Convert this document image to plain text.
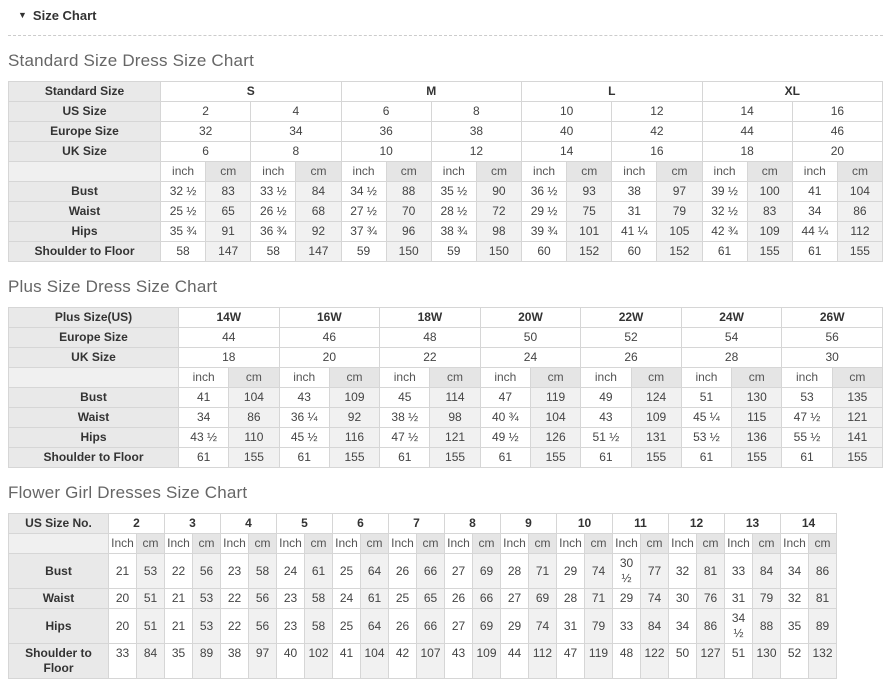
▼ Size Chart
Standard Size Dress Size Chart
Standard Size	S				M				L				XL			
US Size	2		4		6		8		10		12		14		16	
Europe Size	32		34		36		38		40		42		44		46	
UK Size	6		8		10		12		14		16		18		20	
	inch	cm	inch	cm	inch	cm	inch	cm	inch	cm	inch	cm	inch	cm	inch	cm
Bust	32 ½	83	33 ½	84	34 ½	88	35 ½	90	36 ½	93	38	97	39 ½	100	41	104
Waist	25 ½	65	26 ½	68	27 ½	70	28 ½	72	29 ½	75	31	79	32 ½	83	34	86
Hips	35 ¾	91	36 ¾	92	37 ¾	96	38 ¾	98	39 ¾	101	41 ¼	105	42 ¾	109	44 ¼	112
Shoulder to Floor	58	147	58	147	59	150	59	150	60	152	60	152	61	155	61	155
Plus Size Dress Size Chart
Plus Size(US)	14W		16W		18W		20W		22W		24W		26W	
Europe Size	44		46		48		50		52		54		56	
UK Size	18		20		22		24		26		28		30	
	inch	cm	inch	cm	inch	cm	inch	cm	inch	cm	inch	cm	inch	cm
Bust	41	104	43	109	45	114	47	119	49	124	51	130	53	135
Waist	34	86	36 ¼	92	38 ½	98	40 ¾	104	43	109	45 ¼	115	47 ½	121
Hips	43 ½	110	45 ½	116	47 ½	121	49 ½	126	51 ½	131	53 ½	136	55 ½	141
Shoulder to Floor	61	155	61	155	61	155	61	155	61	155	61	155	61	155
Flower Girl Dresses Size Chart
US Size No.	2		3		4		5		6		7		8		9		10		11		12		13		14	
	Inch	cm	Inch	cm	Inch	cm	Inch	cm	Inch	cm	Inch	cm	Inch	cm	Inch	cm	Inch	cm	Inch	cm	Inch	cm	Inch	cm	Inch	cm
Bust	21	53	22	56	23	58	24	61	25	64	26	66	27	69	28	71	29	74	30 ½	77	32	81	33	84	34	86
Waist	20	51	21	53	22	56	23	58	24	61	25	65	26	66	27	69	28	71	29	74	30	76	31	79	32	81
Hips	20	51	21	53	22	56	23	58	25	64	26	66	27	69	29	74	31	79	33	84	34	86	34 ½	88	35	89
Shoulder to Floor	33	84	35	89	38	97	40	102	41	104	42	107	43	109	44	112	47	119	48	122	50	127	51	130	52	132
